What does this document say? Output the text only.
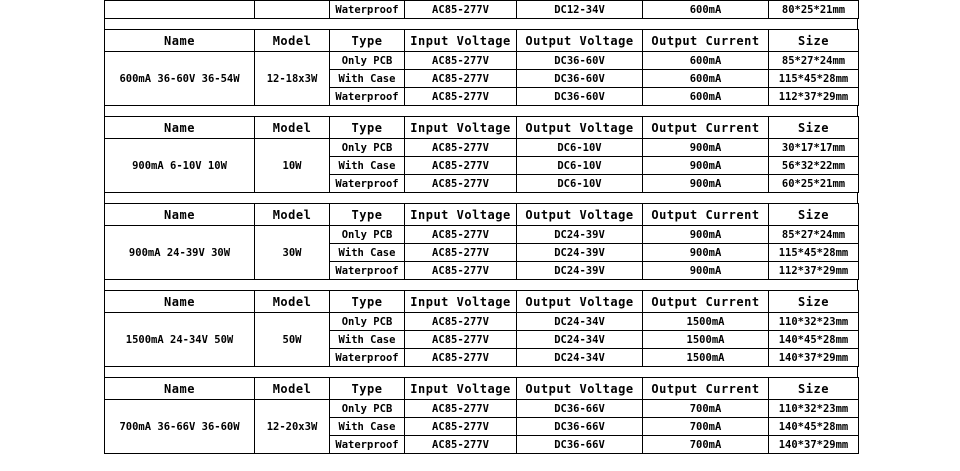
		Waterproof	AC85-277V	DC12-34V	600mA	80*25*21mm
Name	Model	Type	Input Voltage	Output Voltage	Output Current	Size
600mA 36-60V 36-54W	12-18x3W	Only PCB	AC85-277V	DC36-60V	600mA	85*27*24mm
		With Case	AC85-277V	DC36-60V	600mA	115*45*28mm
		Waterproof	AC85-277V	DC36-60V	600mA	112*37*29mm
Name	Model	Type	Input Voltage	Output Voltage	Output Current	Size
900mA 6-10V 10W	10W	Only PCB	AC85-277V	DC6-10V	900mA	30*17*17mm
		With Case	AC85-277V	DC6-10V	900mA	56*32*22mm
		Waterproof	AC85-277V	DC6-10V	900mA	60*25*21mm
Name	Model	Type	Input Voltage	Output Voltage	Output Current	Size
900mA 24-39V 30W	30W	Only PCB	AC85-277V	DC24-39V	900mA	85*27*24mm
		With Case	AC85-277V	DC24-39V	900mA	115*45*28mm
		Waterproof	AC85-277V	DC24-39V	900mA	112*37*29mm
Name	Model	Type	Input Voltage	Output Voltage	Output Current	Size
1500mA 24-34V 50W	50W	Only PCB	AC85-277V	DC24-34V	1500mA	110*32*23mm
		With Case	AC85-277V	DC24-34V	1500mA	140*45*28mm
		Waterproof	AC85-277V	DC24-34V	1500mA	140*37*29mm
Name	Model	Type	Input Voltage	Output Voltage	Output Current	Size
700mA 36-66V 36-60W	12-20x3W	Only PCB	AC85-277V	DC36-66V	700mA	110*32*23mm
		With Case	AC85-277V	DC36-66V	700mA	140*45*28mm
		Waterproof	AC85-277V	DC36-66V	700mA	140*37*29mm
